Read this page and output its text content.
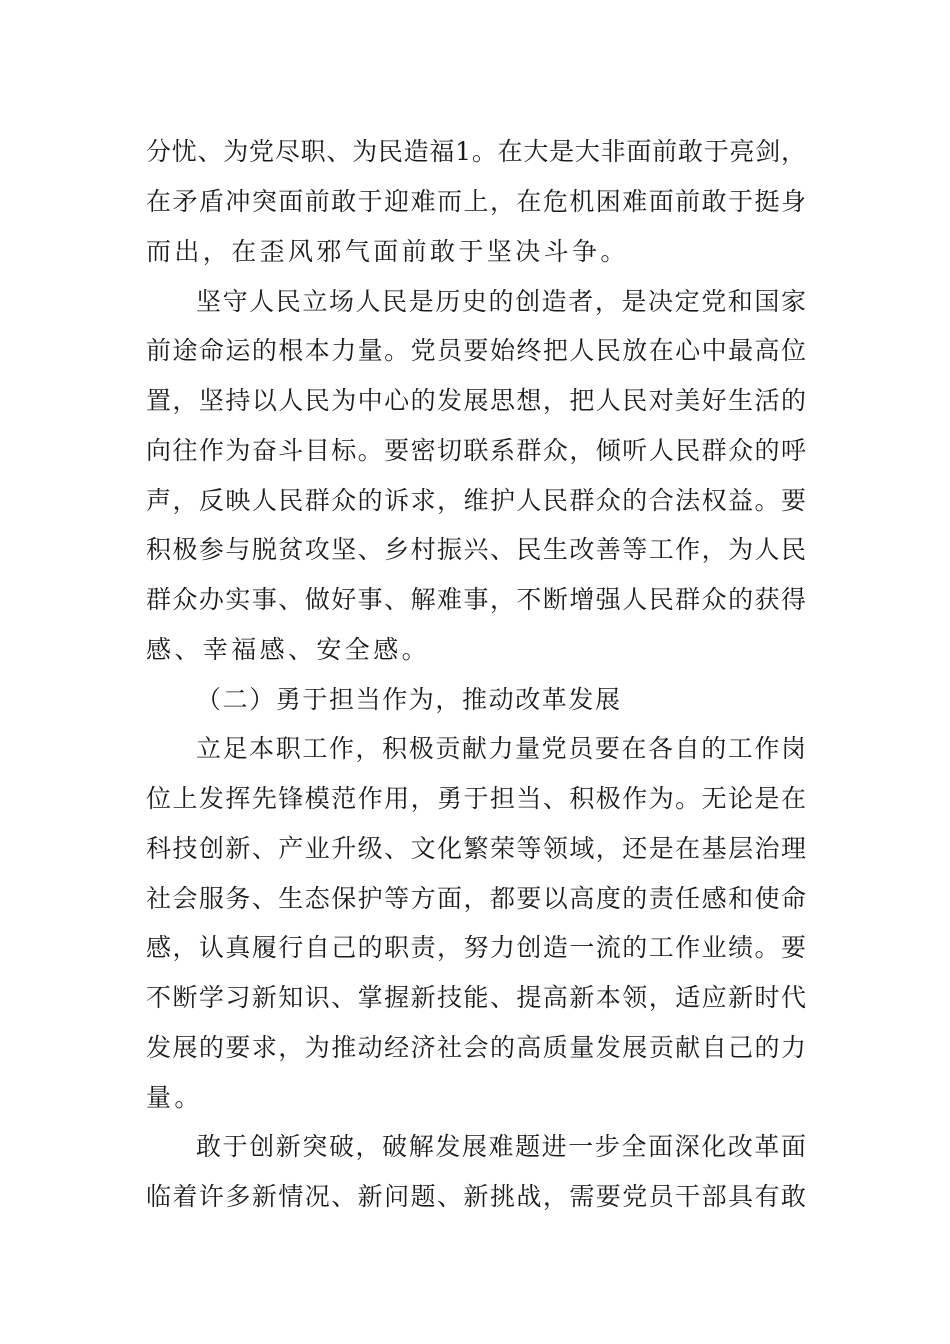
分忧、为党尽职、为民造福1。在大是大非面前敢于亮剑，
在矛盾冲突面前敢于迎难而上，在危机困难面前敢于挺身
而出，在歪风邪气面前敢于坚决斗争。
坚守人民立场人民是历史的创造者，是决定党和国家
前途命运的根本力量。党员要始终把人民放在心中最高位
置，坚持以人民为中心的发展思想，把人民对美好生活的
向往作为奋斗目标。要密切联系群众，倾听人民群众的呼
声，反映人民群众的诉求，维护人民群众的合法权益。要
积极参与脱贫攻坚、乡村振兴、民生改善等工作，为人民
群众办实事、做好事、解难事，不断增强人民群众的获得
感、幸福感、安全感。
（二）勇于担当作为，推动改革发展
立足本职工作，积极贡献力量党员要在各自的工作岗
位上发挥先锋模范作用，勇于担当、积极作为。无论是在
科技创新、产业升级、文化繁荣等领域，还是在基层治理
社会服务、生态保护等方面，都要以高度的责任感和使命
感，认真履行自己的职责，努力创造一流的工作业绩。要
不断学习新知识、掌握新技能、提高新本领，适应新时代
发展的要求，为推动经济社会的高质量发展贡献自己的力
量。
敢于创新突破，破解发展难题进一步全面深化改革面
临着许多新情况、新问题、新挑战，需要党员干部具有敢
